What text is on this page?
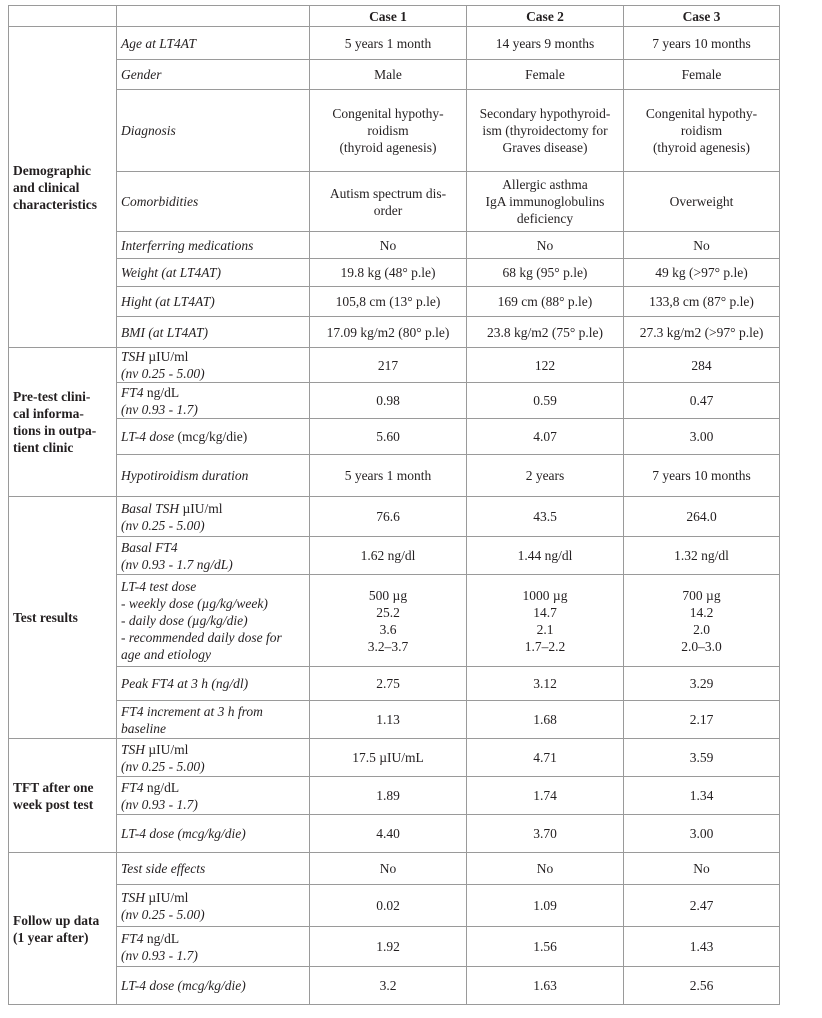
		Case 1	Case 2	Case 3

Demographic
and clinical
characteristics	Age at LT4AT	5 years 1 month	14 years 9 months	7 years 10 months
	Gender	Male	Female	Female
	Diagnosis	Congenital hypothy-
roidism
(thyroid agenesis)	Secondary hypothyroid-
ism (thyroidectomy for
Graves disease)	Congenital hypothy-
roidism
(thyroid agenesis)

	Comorbidities	Autism spectrum dis-
order	Allergic asthma
IgA immunoglobulins
deficiency	Overweight

	Interferring medications	No	No	No
	Weight (at LT4AT)	19.8 kg (48° p.le)	68 kg (95° p.le)	49 kg (>97° p.le)
	Hight (at LT4AT)	105,8 cm (13° p.le)	169 cm (88° p.le)	133,8 cm (87° p.le)
	BMI (at LT4AT)	17.09 kg/m2 (80° p.le)	23.8 kg/m2 (75° p.le)	27.3 kg/m2 (>97° p.le)

Pre-test clini-
cal informa-
tions in outpa-
tient clinic	TSH µIU/ml
(nv 0.25 - 5.00)	217	122	284
	FT4 ng/dL
(nv 0.93 - 1.7)	0.98	0.59	0.47
	LT-4 dose (mcg/kg/die)	5.60	4.07	3.00
	Hypotiroidism duration	5 years 1 month	2 years	7 years 10 months
Test results	Basal TSH µIU/ml
(nv 0.25 - 5.00)	76.6	43.5	264.0
	Basal FT4
(nv 0.93 - 1.7 ng/dL)	1.62 ng/dl	1.44 ng/dl	1.32 ng/dl

	LT-4 test dose
- weekly dose (µg/kg/week)
- daily dose (µg/kg/die)
- recommended daily dose for
age and etiology	500 µg
25.2
3.6
3.2–3.7	1000 µg
14.7
2.1
1.7–2.2	700 µg
14.2
2.0
2.0–3.0

	Peak FT4 at 3 h (ng/dl)	2.75	3.12	3.29

	FT4 increment at 3 h from
baseline	1.13	1.68	2.17

TFT after one
week post test	TSH µIU/ml
(nv 0.25 - 5.00)	17.5 µIU/mL	4.71	3.59
	FT4 ng/dL
(nv 0.93 - 1.7)	1.89	1.74	1.34
	LT-4 dose (mcg/kg/die)	4.40	3.70	3.00

Follow up data
(1 year after)	Test side effects	No	No	No
	TSH µIU/ml
(nv 0.25 - 5.00)	0.02	1.09	2.47
	FT4 ng/dL
(nv 0.93 - 1.7)	1.92	1.56	1.43
	LT-4 dose (mcg/kg/die)	3.2	1.63	2.56
